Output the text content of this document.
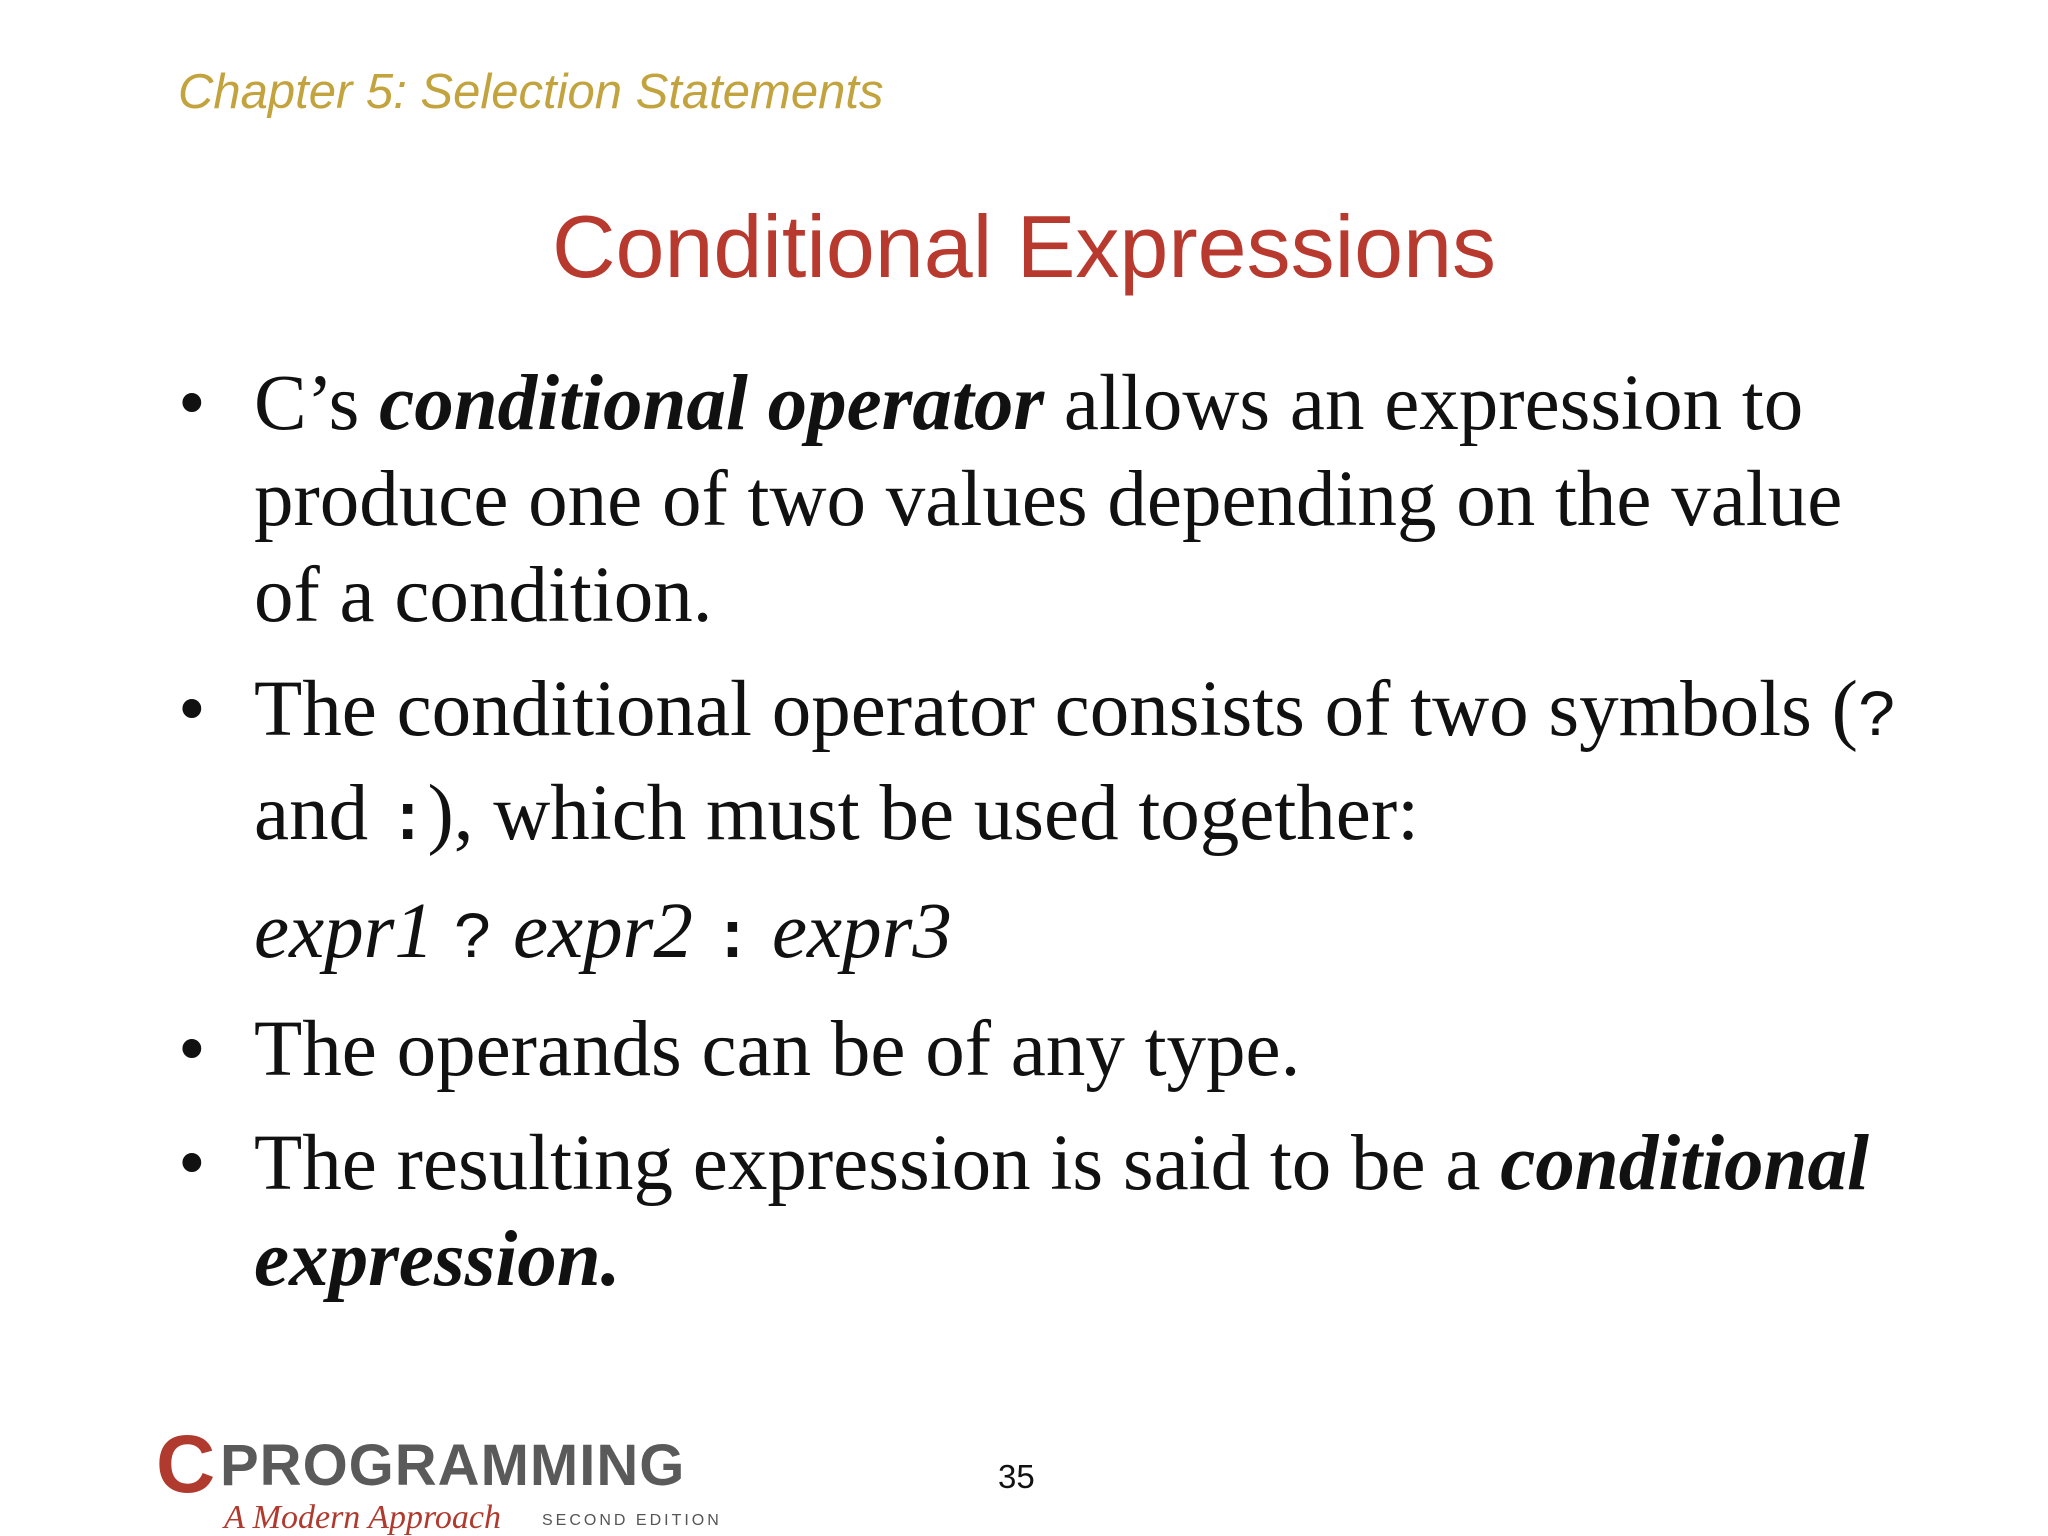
Chapter 5: Selection Statements
Conditional Expressions
• C’s conditional operator allows an expression to produce one of two values depending on the value of a condition.
• The conditional operator consists of two symbols (? and :), which must be used together:
expr1 ? expr2 : expr3
• The operands can be of any type.
• The resulting expression is said to be a conditional expression.
C PROGRAMMING
A Modern Approach	SECOND EDITION
35
